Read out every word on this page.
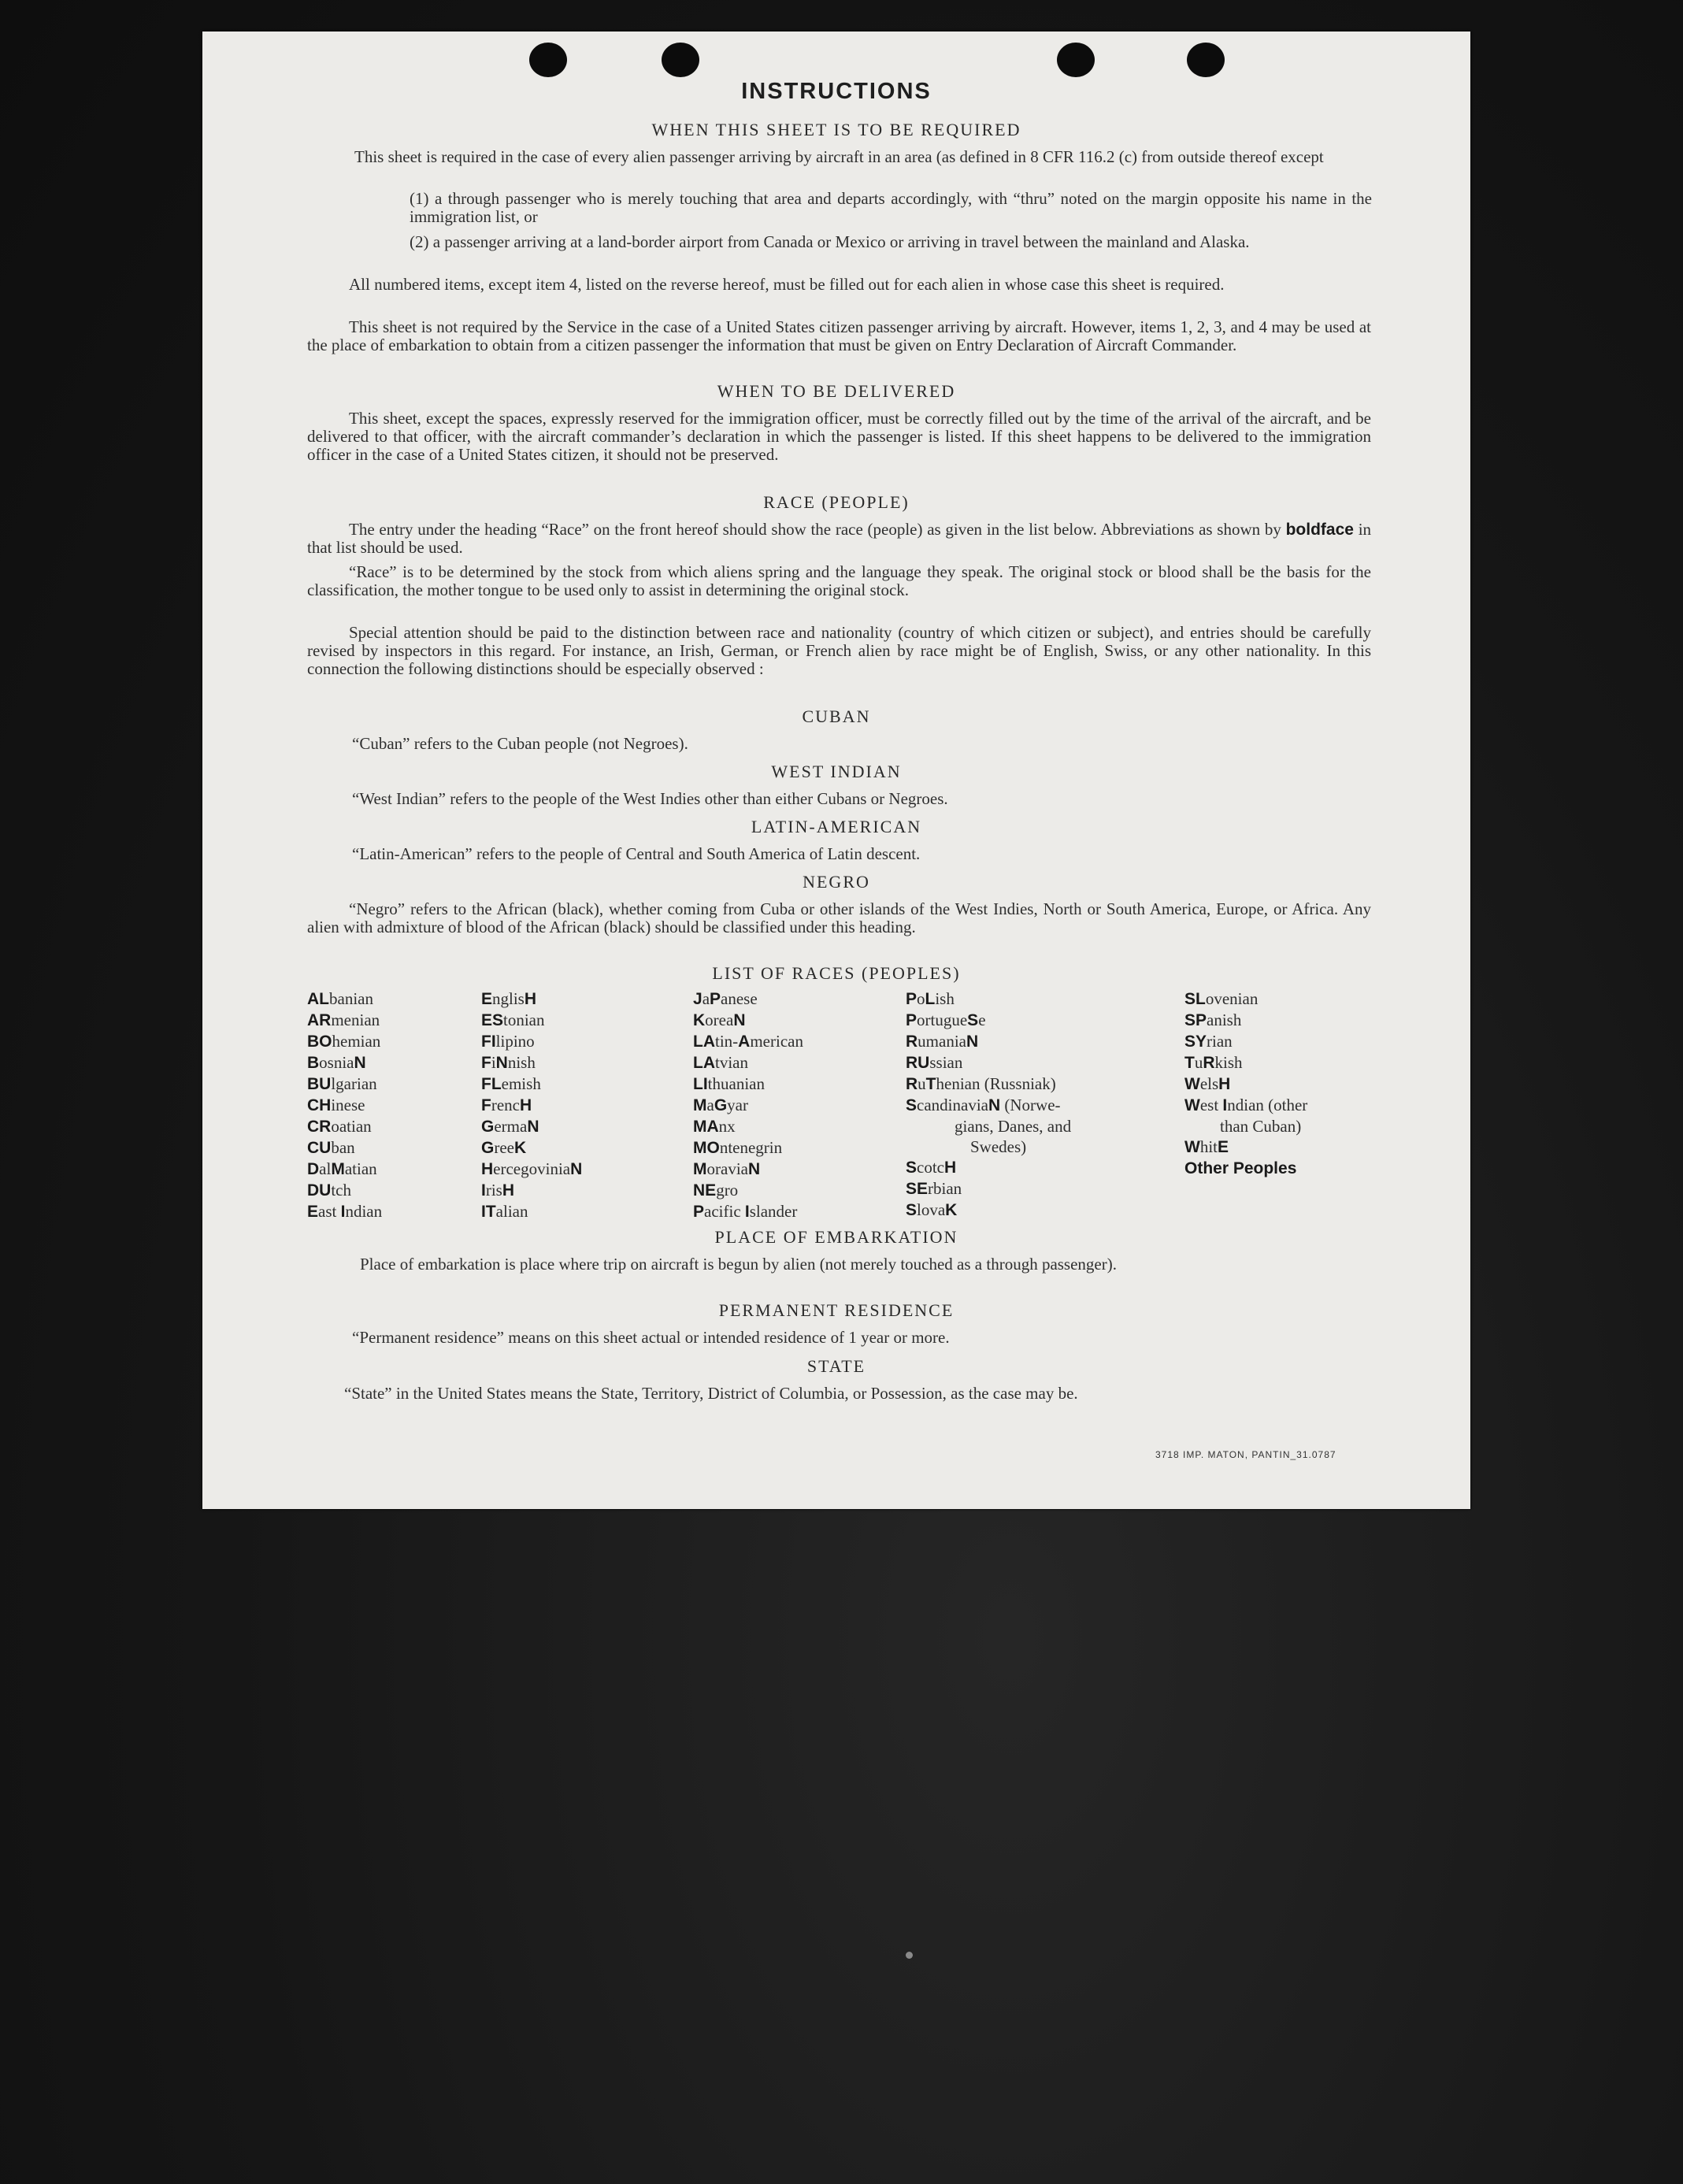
INSTRUCTIONS
WHEN THIS SHEET IS TO BE REQUIRED
This sheet is required in the case of every alien passenger arriving by aircraft in an area (as defined in 8 CFR 116.2 (c) from outside thereof except
(1) a through passenger who is merely touching that area and departs accordingly, with “thru” noted on the margin opposite his name in the immigration list, or
(2) a passenger arriving at a land-border airport from Canada or Mexico or arriving in travel between the mainland and Alaska.
All numbered items, except item 4, listed on the reverse hereof, must be filled out for each alien in whose case this sheet is required.
This sheet is not required by the Service in the case of a United States citizen passenger arriving by aircraft. However, items 1, 2, 3, and 4 may be used at the place of embarkation to obtain from a citizen passenger the information that must be given on Entry Declaration of Aircraft Commander.
WHEN TO BE DELIVERED
This sheet, except the spaces, expressly reserved for the immigration officer, must be correctly filled out by the time of the arrival of the aircraft, and be delivered to that officer, with the aircraft commander’s declaration in which the passenger is listed. If this sheet happens to be delivered to the immigration officer in the case of a United States citizen, it should not be preserved.
RACE (PEOPLE)
The entry under the heading “Race” on the front hereof should show the race (people) as given in the list below. Abbreviations as shown by boldface in that list should be used.
“Race” is to be determined by the stock from which aliens spring and the language they speak. The original stock or blood shall be the basis for the classification, the mother tongue to be used only to assist in determining the original stock.
Special attention should be paid to the distinction between race and nationality (country of which citizen or subject), and entries should be carefully revised by inspectors in this regard. For instance, an Irish, German, or French alien by race might be of English, Swiss, or any other nationality. In this connection the following distinctions should be especially observed :
CUBAN
“Cuban” refers to the Cuban people (not Negroes).
WEST INDIAN
“West Indian” refers to the people of the West Indies other than either Cubans or Negroes.
LATIN-AMERICAN
“Latin-American” refers to the people of Central and South America of Latin descent.
NEGRO
“Negro” refers to the African (black), whether coming from Cuba or other islands of the West Indies, North or South America, Europe, or Africa. Any alien with admixture of blood of the African (black) should be classified under this heading.
LIST OF RACES (PEOPLES)
ALbanian
ARmenian
BOhemian
BosniaN
BUlgarian
CHinese
CRoatian
CUban
DalMatian
DUtch
East Indian
EnglisH
EStonian
FIlipino
FiNnish
FLemish
FrencH
GermaN
GreeK
HercegoviniaN
IrisH
ITalian
JaPanese
KoreaN
LAtin-American
LAtvian
LIthuanian
MaGyar
MAnx
MOntenegrin
MoraviaN
NEgro
Pacific Islander
PoLish
PortugueSe
RumaniaN
RUssian
RuThenian (Russniak)
ScandinaviaN (Norwe-
gians, Danes, and
Swedes)
ScotcH
SErbian
SlovaK
SLovenian
SPanish
SYrian
TuRkish
WelsH
West Indian (other
than Cuban)
WhitE
Other Peoples
PLACE OF EMBARKATION
Place of embarkation is place where trip on aircraft is begun by alien (not merely touched as a through passenger).
PERMANENT RESIDENCE
“Permanent residence” means on this sheet actual or intended residence of 1 year or more.
STATE
“State” in the United States means the State, Territory, District of Columbia, or Possession, as the case may be.
3718 IMP. MATON, PANTIN_31.0787
